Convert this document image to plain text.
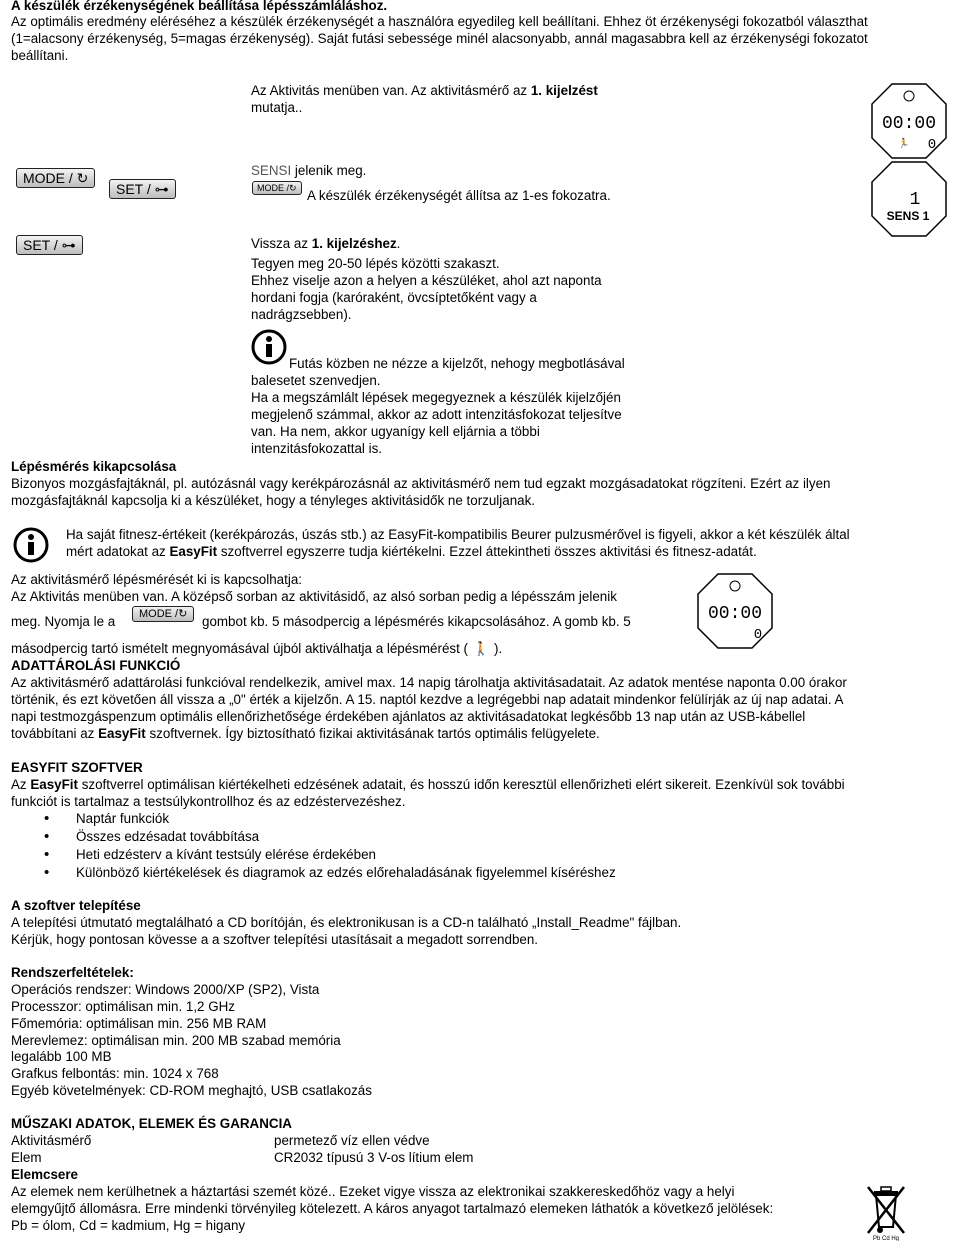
A készülék érzékenységének beállítása lépésszámláláshoz.
Az optimális eredmény eléréséhez a készülék érzékenységét a használóra egyedileg kell beállítani. Ehhez öt érzékenységi fokozatból választhat
(1=alacsony érzékenység, 5=magas érzékenység). Saját futási sebessége minél alacsonyabb, annál magasabbra kell az érzékenységi fokozatot
beállítani.
Az Aktivitás menüben van. Az aktivitásmérő az 1. kijelzést
mutatja..
SENSI jelenik meg.
MODE /↻ A készülék érzékenységét állítsa az 1-es fokozatra.
Vissza az 1. kijelzéshez.
Tegyen meg 20-50 lépés közötti szakaszt.
Ehhez viselje azon a helyen a készüléket, ahol azt naponta
hordani fogja (karóraként, övcsíptetőként vagy a
nadrágzsebben).
Futás közben ne nézze a kijelzőt, nehogy megbotlásával
balesetet szenvedjen.
Ha a megszámlált lépések megegyeznek a készülék kijelzőjén
megjelenő számmal, akkor az adott intenzitásfokozat teljesítve
van. Ha nem, akkor ugyanígy kell eljárnia a többi
intenzitásfokozattal is.
MODE / ↻
SET / ⊶
SET / ⊶
00:00
0
🏃
1
SENS 1
Lépésmérés kikapcsolása
Bizonyos mozgásfajtáknál, pl. autózásnál vagy kerékpározásnál az aktivitásmérő nem tud egzakt mozgásadatokat rögzíteni. Ezért az ilyen
mozgásfajtáknál kapcsolja ki a készüléket, hogy a tényleges aktivitásidők ne torzuljanak.
Ha saját fitnesz-értékeit (kerékpározás, úszás stb.) az EasyFit-kompatibilis Beurer pulzusmérővel is figyeli, akkor a két készülék által
mért adatokat az EasyFit szoftverrel egyszerre tudja kiértékelni. Ezzel áttekintheti összes aktivitási és fitnesz-adatát.
Az aktivitásmérő lépésmérését ki is kapcsolhatja:
Az Aktivitás menüben van. A középső sorban az aktivitásidő, az alsó sorban pedig a lépésszám jelenik
meg. Nyomja le a	MODE /↻	gombot kb. 5 másodpercig a lépésmérés kikapcsolásához. A gomb kb. 5
másodpercig tartó ismételt megnyomásával újból aktiválhatja a lépésmérést ( 🚶 ).
00:00
0
ADATTÁROLÁSI FUNKCIÓ
Az aktivitásmérő adattárolási funkcióval rendelkezik, amivel max. 14 napig tárolhatja aktivitásadatait. Az adatok mentése naponta 0.00 órakor
történik, és ezt követően áll vissza a „0" érték a kijelzőn. A 15. naptól kezdve a legrégebbi nap adatait mindenkor felülírják az új nap adatai. A
napi testmozgáspenzum optimális ellenőrizhetősége érdekében ajánlatos az aktivitásadatokat legkésőbb 13 nap után az USB-kábellel
továbbítani az EasyFit szoftvernek. Így biztosítható fizikai aktivitásának tartós optimális felügyelete.
EASYFIT SZOFTVER
Az EasyFit szoftverrel optimálisan kiértékelheti edzésének adatait, és hosszú időn keresztül ellenőrizheti elért sikereit. Ezenkívül sok további
funkciót is tartalmaz a testsúlykontrollhoz és az edzéstervezéshez.
• Naptár funkciók
• Összes edzésadat továbbítása
• Heti edzésterv a kívánt testsúly elérése érdekében
• Különböző kiértékelések és diagramok az edzés előrehaladásának figyelemmel kíséréshez
A szoftver telepítése
A telepítési útmutató megtalálható a CD borítóján, és elektronikusan is a CD-n található „Install_Readme" fájlban.
Kérjük, hogy pontosan kövesse a a szoftver telepítési utasításait a megadott sorrendben.
Rendszerfeltételek:
Operációs rendszer: Windows 2000/XP (SP2), Vista
Processzor: optimálisan min. 1,2 GHz
Főmemória: optimálisan min. 256 MB RAM
Merevlemez: optimálisan min. 200 MB szabad memória
legalább 100 MB
Grafkus felbontás: min. 1024 x 768
Egyéb követelmények: CD-ROM meghajtó, USB csatlakozás
MŰSZAKI ADATOK, ELEMEK ÉS GARANCIA
Aktivitásmérő	permetező víz ellen védve
Elem	CR2032 típusú 3 V-os lítium elem
Elemcsere
Az elemek nem kerülhetnek a háztartási szemét közé.. Ezeket vigye vissza az elektronikai szakkereskedőhöz vagy a helyi
elemgyűjtő állomásra. Erre mindenki törvényileg kötelezett. A káros anyagot tartalmazó elemeken láthatók a következő jelölések:
Pb = ólom, Cd = kadmium, Hg = higany
Pb Cd Hg
